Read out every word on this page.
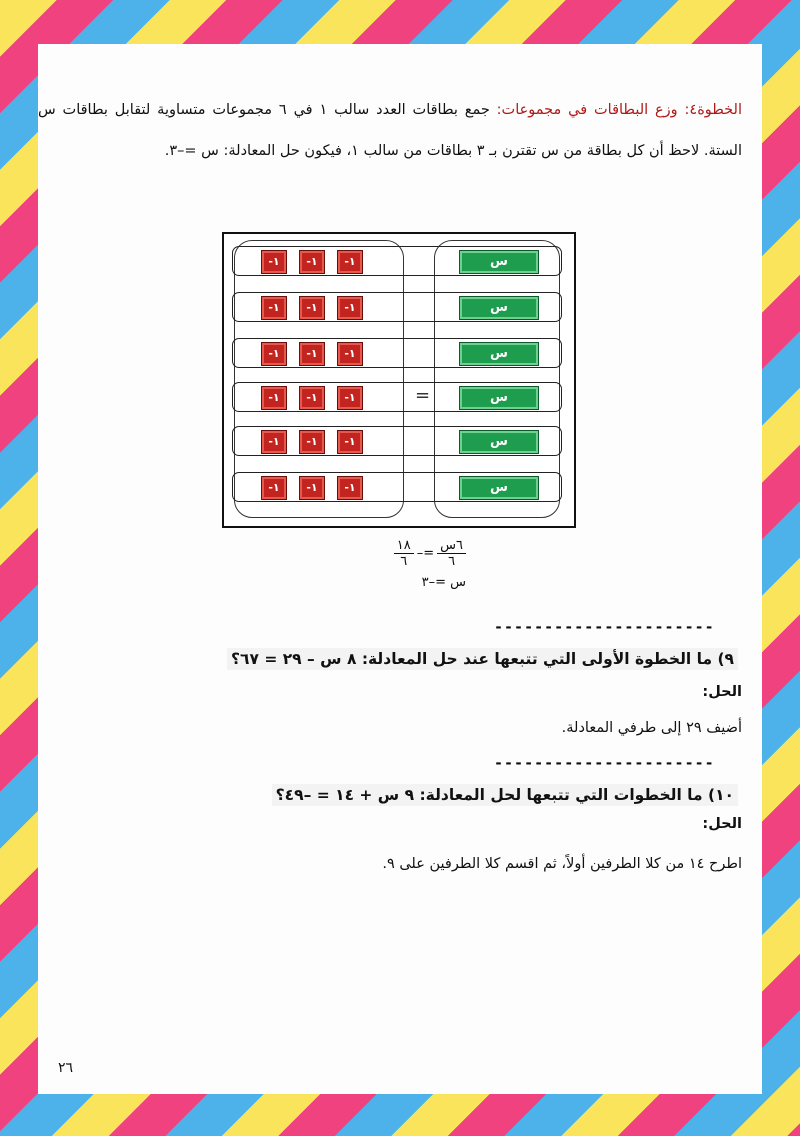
الخطوة٤: وزع البطاقات في مجموعات: جمع بطاقات العدد سالب ١ في ٦ مجموعات متساوية لتقابل بطاقات س الستة. لاحظ أن كل بطاقة من س تقترن بـ ٣ بطاقات من سالب ١، فيكون حل المعادلة: س =–٣.

١-	١-	١-	س
١-	١-	١-	س
١-	١-	١-	س
١-	١-	١-	=	س
١-	١-	١-	س
١-	١-	١-	س
$\frac{\text{٦س}}{٦}$
=–
$\frac{١٨}{٦}$
س =–٣
----------------------
٩) ما الخطوة الأولى التي تتبعها عند حل المعادلة: ٨ س – ٢٩ = ٦٧؟
الحل:
أضيف ٢٩ إلى طرفي المعادلة.
----------------------
١٠) ما الخطوات التي تتبعها لحل المعادلة: ٩ س + ١٤ = –٤٩؟
الحل:
اطرح ١٤ من كلا الطرفين أولاً، ثم اقسم كلا الطرفين على ٩.
٢٦
